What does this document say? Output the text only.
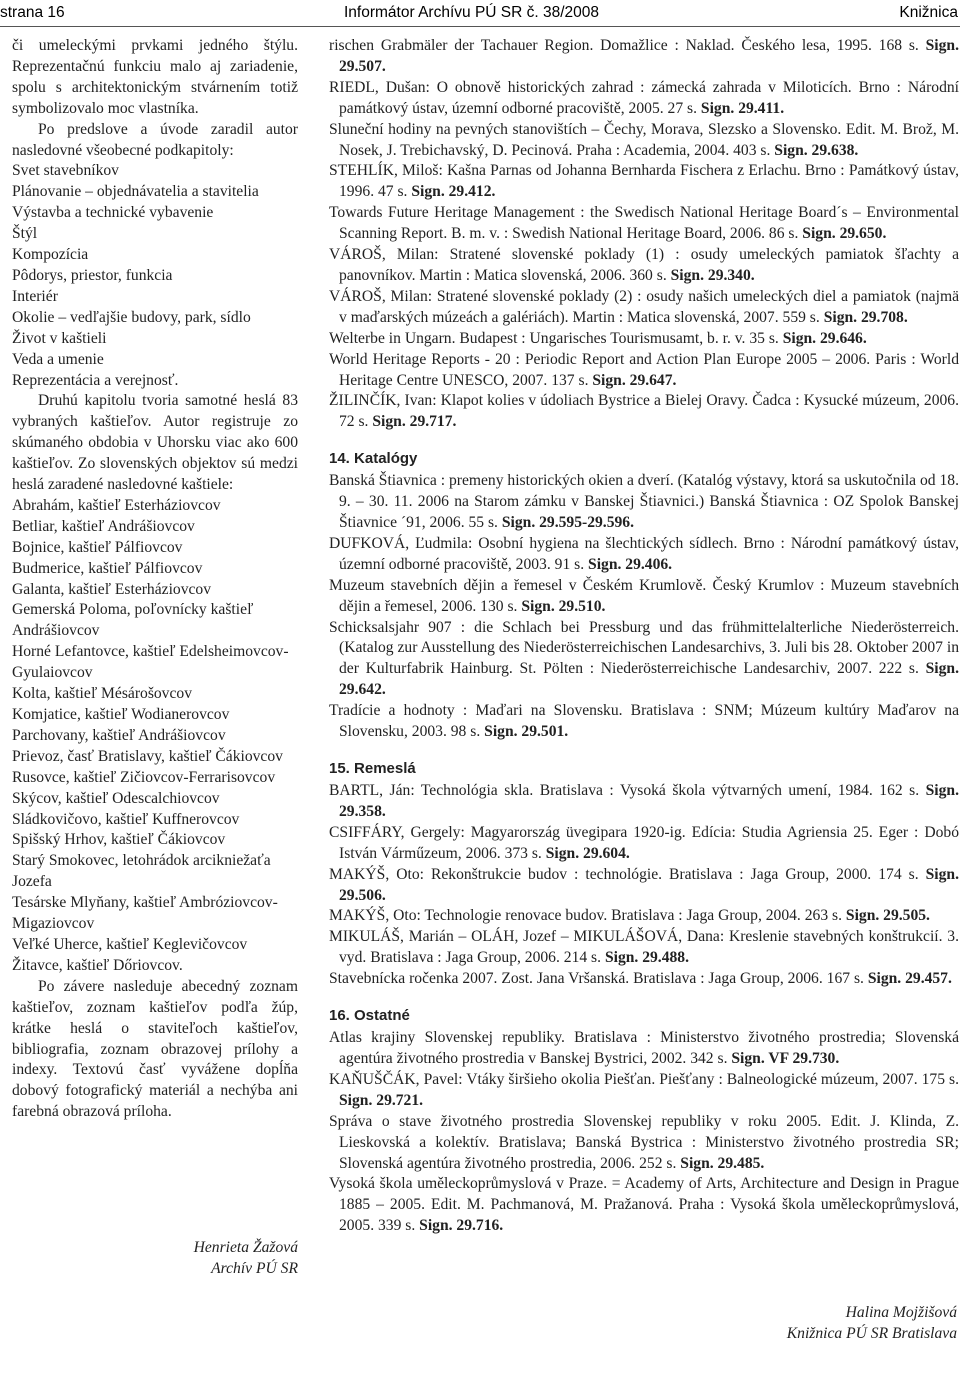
strana 16	Informátor Archívu PÚ SR č. 38/2008	Knižnica

či umeleckými prvkami jedného štýlu. Reprezentačnú funkciu malo aj zariadenie, spolu s architektonickým stvárnením totiž symbolizovalo moc vlastníka.

Po predslove a úvode zaradil autor nasledovné všeobecné podkapitoly:

Svet stavebníkov

Plánovanie – objednávatelia a stavitelia

Výstavba a technické vybavenie

Štýl

Kompozícia

Pôdorys, priestor, funkcia

Interiér

Okolie – vedľajšie budovy, park, sídlo

Život v kaštieli

Veda a umenie

Reprezentácia a verejnosť.

Druhú kapitolu tvoria samotné heslá 83 vybraných kaštieľov. Autor registruje zo skúmaného obdobia v Uhorsku viac ako 600 kaštieľov. Zo slovenských objektov sú medzi heslá zaradené nasledovné kaštiele:

Abrahám, kaštieľ Esterháziovcov

Betliar, kaštieľ Andrášiovcov

Bojnice, kaštieľ Pálfiovcov

Budmerice, kaštieľ Pálfiovcov

Galanta, kaštieľ Esterháziovcov

Gemerská Poloma, poľovnícky kaštieľ Andrášiovcov

Horné Lefantovce, kaštieľ Edelsheimovcov-Gyulaiovcov

Kolta, kaštieľ Mésárošovcov

Komjatice, kaštieľ Wodianerovcov

Parchovany, kaštieľ Andrášiovcov

Prievoz, časť Bratislavy, kaštieľ Čákiovcov

Rusovce, kaštieľ Zičiovcov-Ferrarisovcov

Skýcov, kaštieľ Odescalchiovcov

Sládkovičovo, kaštieľ Kuffnerovcov

Spišský Hrhov, kaštieľ Čákiovcov

Starý Smokovec, letohrádok arcikniežaťa Jozefa

Tesárske Mlyňany, kaštieľ Ambróziovcov-Migaziovcov

Veľké Uherce, kaštieľ Keglevičovcov

Žitavce, kaštieľ Dőriovcov.

Po závere nasleduje abecedný zoznam kaštieľov, zoznam kaštieľov podľa žúp, krátke heslá o staviteľoch kaštieľov, bibliografia, zoznam obrazovej prílohy a indexy. Textovú časť vyvážene dopĺňa dobový fotografický materiál a nechýba ani farebná obrazová príloha.

Henrieta Žažová
Archív PÚ SR

rischen Grabmäler der Tachauer Region. Domažlice : Naklad. Českého lesa, 1995. 168 s. Sign. 29.507.

RIEDL, Dušan: O obnově historických zahrad : zámecká zahrada v Miloticích. Brno : Národní památkový ústav, územní odborné pracoviště, 2005. 27 s. Sign. 29.411.

Sluneční hodiny na pevných stanovištích – Čechy, Morava, Slezsko a Slovensko. Edit. M. Brož, M. Nosek, J. Trebichavský, D. Pecinová. Praha : Academia, 2004. 403 s. Sign. 29.638.

STEHLÍK, Miloš: Kašna Parnas od Johanna Bernharda Fischera z Erlachu. Brno : Památkový ústav, 1996. 47 s. Sign. 29.412.

Towards Future Heritage Management : the Swedisch National Heritage Board´s – Environmental Scanning Report. B. m. v. : Swedish National Heritage Board, 2006. 86 s. Sign. 29.650.

VÁROŠ, Milan: Stratené slovenské poklady (1) : osudy umeleckých pamiatok šľachty a panovníkov. Martin : Matica slovenská, 2006. 360 s. Sign. 29.340.

VÁROŠ, Milan: Stratené slovenské poklady (2) : osudy našich umeleckých diel a pamiatok (najmä v maďarských múzeách a galériách). Martin : Matica slovenská, 2007. 559 s. Sign. 29.708.

Welterbe in Ungarn. Budapest : Ungarisches Tourismusamt, b. r. v. 35 s. Sign. 29.646.

World Heritage Reports - 20 : Periodic Report and Action Plan Europe 2005 – 2006. Paris : World Heritage Centre UNESCO, 2007. 137 s. Sign. 29.647.

ŽILINČÍK, Ivan: Klapot kolies v údoliach Bystrice a Bielej Oravy. Čadca : Kysucké múzeum, 2006. 72 s. Sign. 29.717.

14. Katalógy

Banská Štiavnica : premeny historických okien a dverí. (Katalóg výstavy, ktorá sa uskutočnila od 18. 9. – 30. 11. 2006 na Starom zámku v Banskej Štiavnici.) Banská Štiavnica : OZ Spolok Banskej Štiavnice ´91, 2006. 55 s. Sign. 29.595-29.596.

DUFKOVÁ, Ľudmila: Osobní hygiena na šlechtických sídlech. Brno : Národní památkový ústav, územní odborné pracoviště, 2003. 91 s. Sign. 29.406.

Muzeum stavebních dějin a řemesel v Českém Krumlově. Český Krumlov : Muzeum stavebních dějin a řemesel, 2006. 130 s. Sign. 29.510.

Schicksalsjahr 907 : die Schlach bei Pressburg und das frühmittelalterliche Niederösterreich. (Katalog zur Ausstellung des Niederösterreichischen Landesarchivs, 3. Juli bis 28. Oktober 2007 in der Kulturfabrik Hainburg. St. Pölten : Niederösterreichische Landesarchiv, 2007. 222 s. Sign. 29.642.

Tradície a hodnoty : Maďari na Slovensku. Bratislava : SNM; Múzeum kultúry Maďarov na Slovensku, 2003. 98 s. Sign. 29.501.

15. Remeslá

BARTL, Ján: Technológia skla. Bratislava : Vysoká škola výtvarných umení, 1984. 162 s. Sign. 29.358.

CSIFFÁRY, Gergely: Magyarország üvegipara 1920-ig. Edícia: Studia Agriensia 25. Eger : Dobó István Várműzeum, 2006. 373 s. Sign. 29.604.

MAKÝŠ, Oto: Rekonštrukcie budov : technológie. Bratislava : Jaga Group, 2000. 174 s. Sign. 29.506.

MAKÝŠ, Oto: Technologie renovace budov. Bratislava : Jaga Group, 2004. 263 s. Sign. 29.505.

MIKULÁŠ, Marián – OLÁH, Jozef – MIKULÁŠOVÁ, Dana: Kreslenie stavebných konštrukcií. 3. vyd. Bratislava : Jaga Group, 2006. 214 s. Sign. 29.488.

Stavebnícka ročenka 2007. Zost. Jana Vršanská. Bratislava : Jaga Group, 2006. 167 s. Sign. 29.457.

16. Ostatné

Atlas krajiny Slovenskej republiky. Bratislava : Ministerstvo životného prostredia; Slovenská agentúra životného prostredia v Banskej Bystrici, 2002. 342 s. Sign. VF 29.730.

KAŇUŠČÁK, Pavel: Vtáky širšieho okolia Piešťan. Piešťany : Balneologické múzeum, 2007. 175 s. Sign. 29.721.

Správa o stave životného prostredia Slovenskej republiky v roku 2005. Edit. J. Klinda, Z. Lieskovská a kolektív. Bratislava; Banská Bystrica : Ministerstvo životného prostredia SR; Slovenská agentúra životného prostredia, 2006. 252 s. Sign. 29.485.

Vysoká škola uměleckoprůmyslová v Praze. = Academy of Arts, Architecture and Design in Prague 1885 – 2005. Edit. M. Pachmanová, M. Pražanová. Praha : Vysoká škola uměleckoprůmyslová, 2005. 339 s. Sign. 29.716.

Halina Mojžišová
Knižnica PÚ SR Bratislava
